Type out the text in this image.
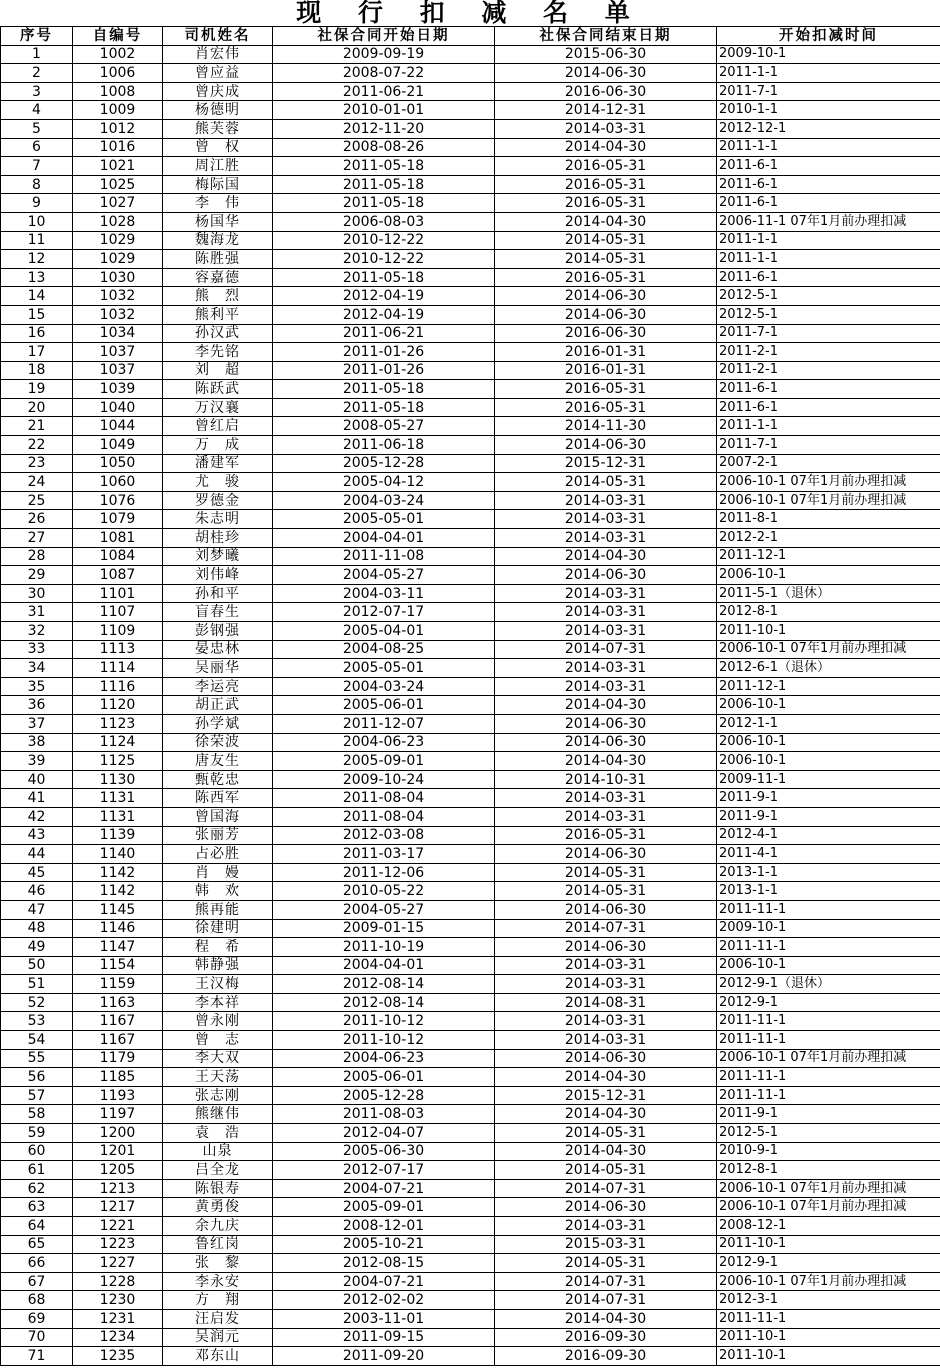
现 行 扣 减 名 单
序号	自编号	司机姓名	社保合同开始日期	社保合同结束日期	开始扣减时间
1	1002	肖宏伟	2009-09-19	2015-06-30	2009-10-1
2	1006	曾应益	2008-07-22	2014-06-30	2011-1-1
3	1008	曾庆成	2011-06-21	2016-06-30	2011-7-1
4	1009	杨德明	2010-01-01	2014-12-31	2010-1-1
5	1012	熊芙蓉	2012-11-20	2014-03-31	2012-12-1
6	1016	曾　权	2008-08-26	2014-04-30	2011-1-1
7	1021	周江胜	2011-05-18	2016-05-31	2011-6-1
8	1025	梅际国	2011-05-18	2016-05-31	2011-6-1
9	1027	李　伟	2011-05-18	2016-05-31	2011-6-1
10	1028	杨国华	2006-08-03	2014-04-30	2006-11-1 07年1月前办理扣减
11	1029	魏海龙	2010-12-22	2014-05-31	2011-1-1
12	1029	陈胜强	2010-12-22	2014-05-31	2011-1-1
13	1030	容嘉德	2011-05-18	2016-05-31	2011-6-1
14	1032	熊　烈	2012-04-19	2014-06-30	2012-5-1
15	1032	熊利平	2012-04-19	2014-06-30	2012-5-1
16	1034	孙汉武	2011-06-21	2016-06-30	2011-7-1
17	1037	李先铭	2011-01-26	2016-01-31	2011-2-1
18	1037	刘　超	2011-01-26	2016-01-31	2011-2-1
19	1039	陈跃武	2011-05-18	2016-05-31	2011-6-1
20	1040	万汉襄	2011-05-18	2016-05-31	2011-6-1
21	1044	曾红启	2008-05-27	2014-11-30	2011-1-1
22	1049	万　成	2011-06-18	2014-06-30	2011-7-1
23	1050	潘建军	2005-12-28	2015-12-31	2007-2-1
24	1060	尤　骏	2005-04-12	2014-05-31	2006-10-1 07年1月前办理扣减
25	1076	罗德金	2004-03-24	2014-03-31	2006-10-1 07年1月前办理扣减
26	1079	朱志明	2005-05-01	2014-03-31	2011-8-1
27	1081	胡桂珍	2004-04-01	2014-03-31	2012-2-1
28	1084	刘梦曦	2011-11-08	2014-04-30	2011-12-1
29	1087	刘伟峰	2004-05-27	2014-06-30	2006-10-1
30	1101	孙和平	2004-03-11	2014-03-31	2011-5-1（退休）
31	1107	盲春生	2012-07-17	2014-03-31	2012-8-1
32	1109	彭钢强	2005-04-01	2014-03-31	2011-10-1
33	1113	晏忠林	2004-08-25	2014-07-31	2006-10-1 07年1月前办理扣减
34	1114	吴丽华	2005-05-01	2014-03-31	2012-6-1（退休）
35	1116	李运亮	2004-03-24	2014-03-31	2011-12-1
36	1120	胡正武	2005-06-01	2014-04-30	2006-10-1
37	1123	孙学斌	2011-12-07	2014-06-30	2012-1-1
38	1124	徐荣波	2004-06-23	2014-06-30	2006-10-1
39	1125	唐友生	2005-09-01	2014-04-30	2006-10-1
40	1130	甄乾忠	2009-10-24	2014-10-31	2009-11-1
41	1131	陈西军	2011-08-04	2014-03-31	2011-9-1
42	1131	曾国海	2011-08-04	2014-03-31	2011-9-1
43	1139	张丽芳	2012-03-08	2016-05-31	2012-4-1
44	1140	占必胜	2011-03-17	2014-06-30	2011-4-1
45	1142	肖　嫚	2011-12-06	2014-05-31	2013-1-1
46	1142	韩　欢	2010-05-22	2014-05-31	2013-1-1
47	1145	熊再能	2004-05-27	2014-06-30	2011-11-1
48	1146	徐建明	2009-01-15	2014-07-31	2009-10-1
49	1147	程　希	2011-10-19	2014-06-30	2011-11-1
50	1154	韩静强	2004-04-01	2014-03-31	2006-10-1
51	1159	王汉梅	2012-08-14	2014-03-31	2012-9-1（退休）
52	1163	李本祥	2012-08-14	2014-08-31	2012-9-1
53	1167	曾永刚	2011-10-12	2014-03-31	2011-11-1
54	1167	曾　志	2011-10-12	2014-03-31	2011-11-1
55	1179	李大双	2004-06-23	2014-06-30	2006-10-1 07年1月前办理扣减
56	1185	王天荡	2005-06-01	2014-04-30	2011-11-1
57	1193	张志刚	2005-12-28	2015-12-31	2011-11-1
58	1197	熊继伟	2011-08-03	2014-04-30	2011-9-1
59	1200	袁　浩	2012-04-07	2014-05-31	2012-5-1
60	1201	山泉	2005-06-30	2014-04-30	2010-9-1
61	1205	吕全龙	2012-07-17	2014-05-31	2012-8-1
62	1213	陈银寿	2004-07-21	2014-07-31	2006-10-1 07年1月前办理扣减
63	1217	黄勇俊	2005-09-01	2014-06-30	2006-10-1 07年1月前办理扣减
64	1221	余九庆	2008-12-01	2014-03-31	2008-12-1
65	1223	鲁红岗	2005-10-21	2015-03-31	2011-10-1
66	1227	张　黎	2012-08-15	2014-05-31	2012-9-1
67	1228	李永安	2004-07-21	2014-07-31	2006-10-1 07年1月前办理扣减
68	1230	方　翔	2012-02-02	2014-07-31	2012-3-1
69	1231	汪启发	2003-11-01	2014-04-30	2011-11-1
70	1234	吴润元	2011-09-15	2016-09-30	2011-10-1
71	1235	邓东山	2011-09-20	2016-09-30	2011-10-1
